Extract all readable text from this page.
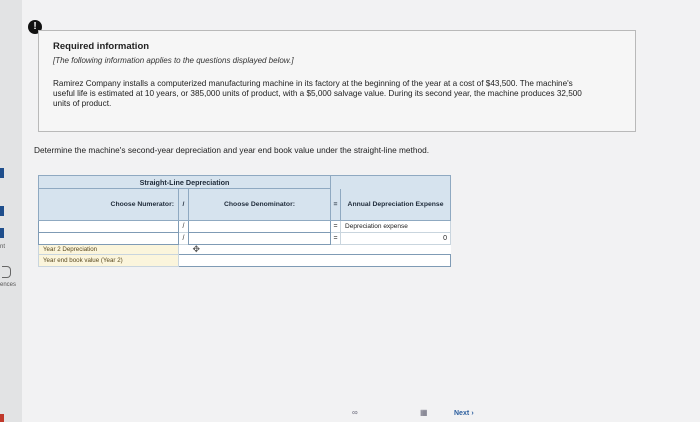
nt
ences
!

Required information

[The following information applies to the questions displayed below.]

Ramirez Company installs a computerized manufacturing machine in its factory at the beginning of the year at a cost of $43,500. The machine's useful life is estimated at 10 years, or 385,000 units of product, with a $5,000 salvage value. During its second year, the machine produces 32,500 units of product.

Determine the machine's second-year depreciation and year end book value under the straight-line method.
Straight-Line Depreciation				
Choose Numerator:	/	Choose Denominator:	=	Annual Depreciation Expense
	/		=	Depreciation expense
	/		=	0
Year 2 Depreciation		✥		
Year end book value (Year 2)				
∞	▦	Next ›
